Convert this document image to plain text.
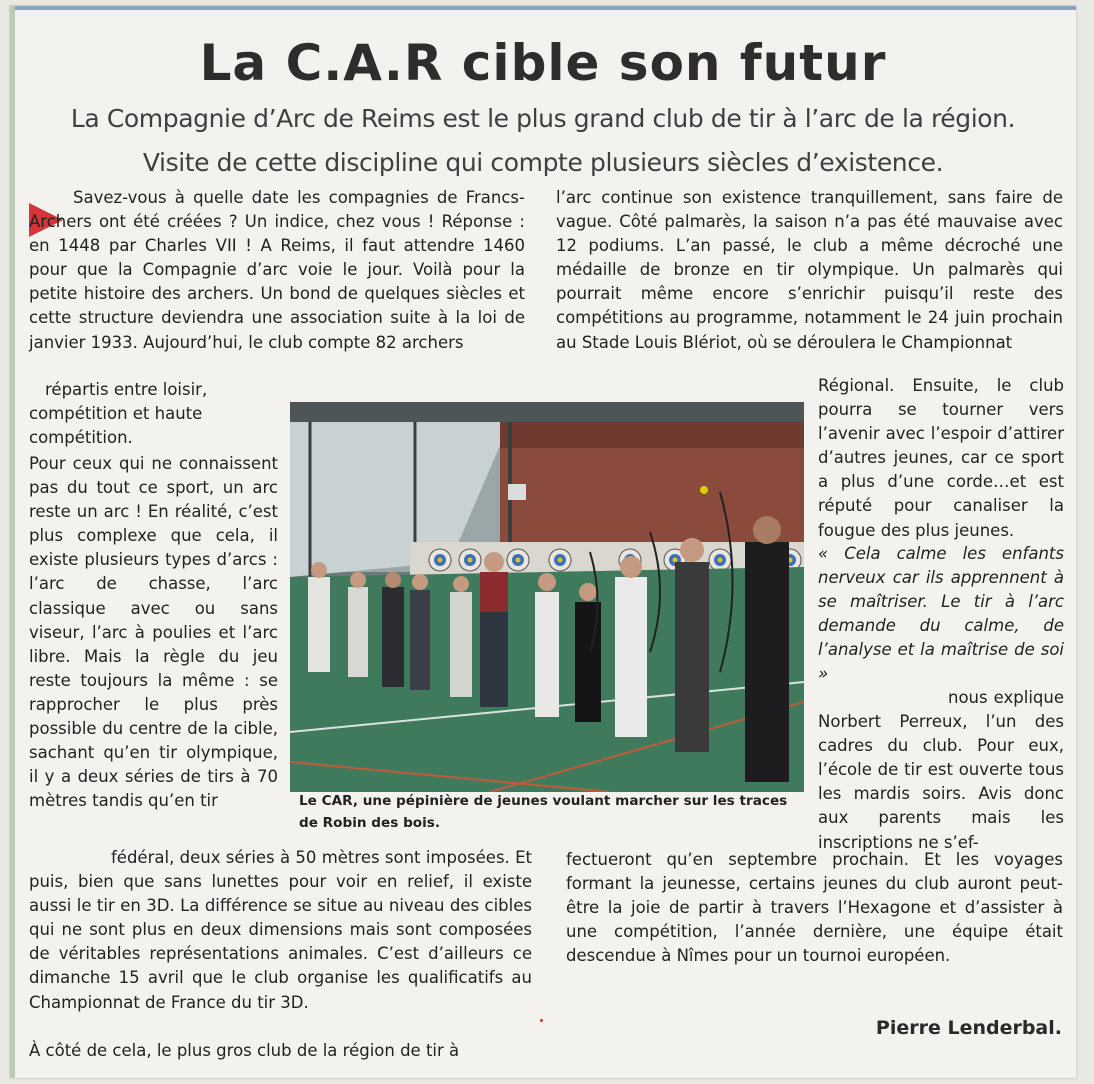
La C.A.R cible son futur
La Compagnie d’Arc de Reims est le plus grand club de tir à l’arc de la région.
Visite de cette discipline qui compte plusieurs siècles d’existence.

Savez-vous à quelle date les compagnies de Francs-Archers ont été créées ? Un indice, chez vous ! Réponse : en 1448 par Charles VII ! A Reims, il faut attendre 1460 pour que la Compagnie d’arc voie le jour. Voilà pour la petite histoire des archers. Un bond de quelques siècles et cette structure deviendra une association suite à la loi de janvier 1933. Aujourd’hui, le club compte 82 archers

répartis entre loisir, compétition et haute compétition.

Pour ceux qui ne connaissent pas du tout ce sport, un arc reste un arc ! En réalité, c’est plus complexe que cela, il existe plusieurs types d’arcs : l’arc de chasse, l’arc classique avec ou sans viseur, l’arc à poulies et l’arc libre. Mais la règle du jeu reste toujours la même : se rapprocher le plus près possible du centre de la cible, sachant qu’en tir olympique, il y a deux séries de tirs à 70 mètres tandis qu’en tir

fédéral, deux séries à 50 mètres sont imposées. Et puis, bien que sans lunettes pour voir en relief, il existe aussi le tir en 3D. La différence se situe au niveau des cibles qui ne sont plus en deux dimensions mais sont composées de véritables représentations animales. C’est d’ailleurs ce dimanche 15 avril que le club organise les qualificatifs au Championnat de France du tir 3D.

À côté de cela, le plus gros club de la région de tir à

l’arc continue son existence tranquillement, sans faire de vague. Côté palmarès, la saison n’a pas été mauvaise avec 12 podiums. L’an passé, le club a même décroché une médaille de bronze en tir olympique. Un palmarès qui pourrait même encore s’enrichir puisqu’il reste des compétitions au programme, notamment le 24 juin prochain au Stade Louis Blériot, où se déroulera le Championnat

Régional. Ensuite, le club pourra se tourner vers l’avenir avec l’espoir d’attirer d’autres jeunes, car ce sport a plus d’une corde…et est réputé pour canaliser la fougue des plus jeunes.

« Cela calme les enfants nerveux car ils apprennent à se maîtriser. Le tir à l’arc demande du calme, de l’analyse et la maîtrise de soi »

nous explique Norbert Perreux, l’un des cadres du club. Pour eux, l’école de tir est ouverte tous les mardis soirs. Avis donc aux parents mais les inscriptions ne s’ef-

fectueront qu’en septembre prochain. Et les voyages formant la jeunesse, certains jeunes du club auront peut-être la joie de partir à travers l’Hexagone et d’assister à une compétition, l’année dernière, une équipe était descendue à Nîmes pour un tournoi européen.

Le CAR, une pépinière de jeunes voulant marcher sur les traces de Robin des bois.
Pierre Lenderbal.
